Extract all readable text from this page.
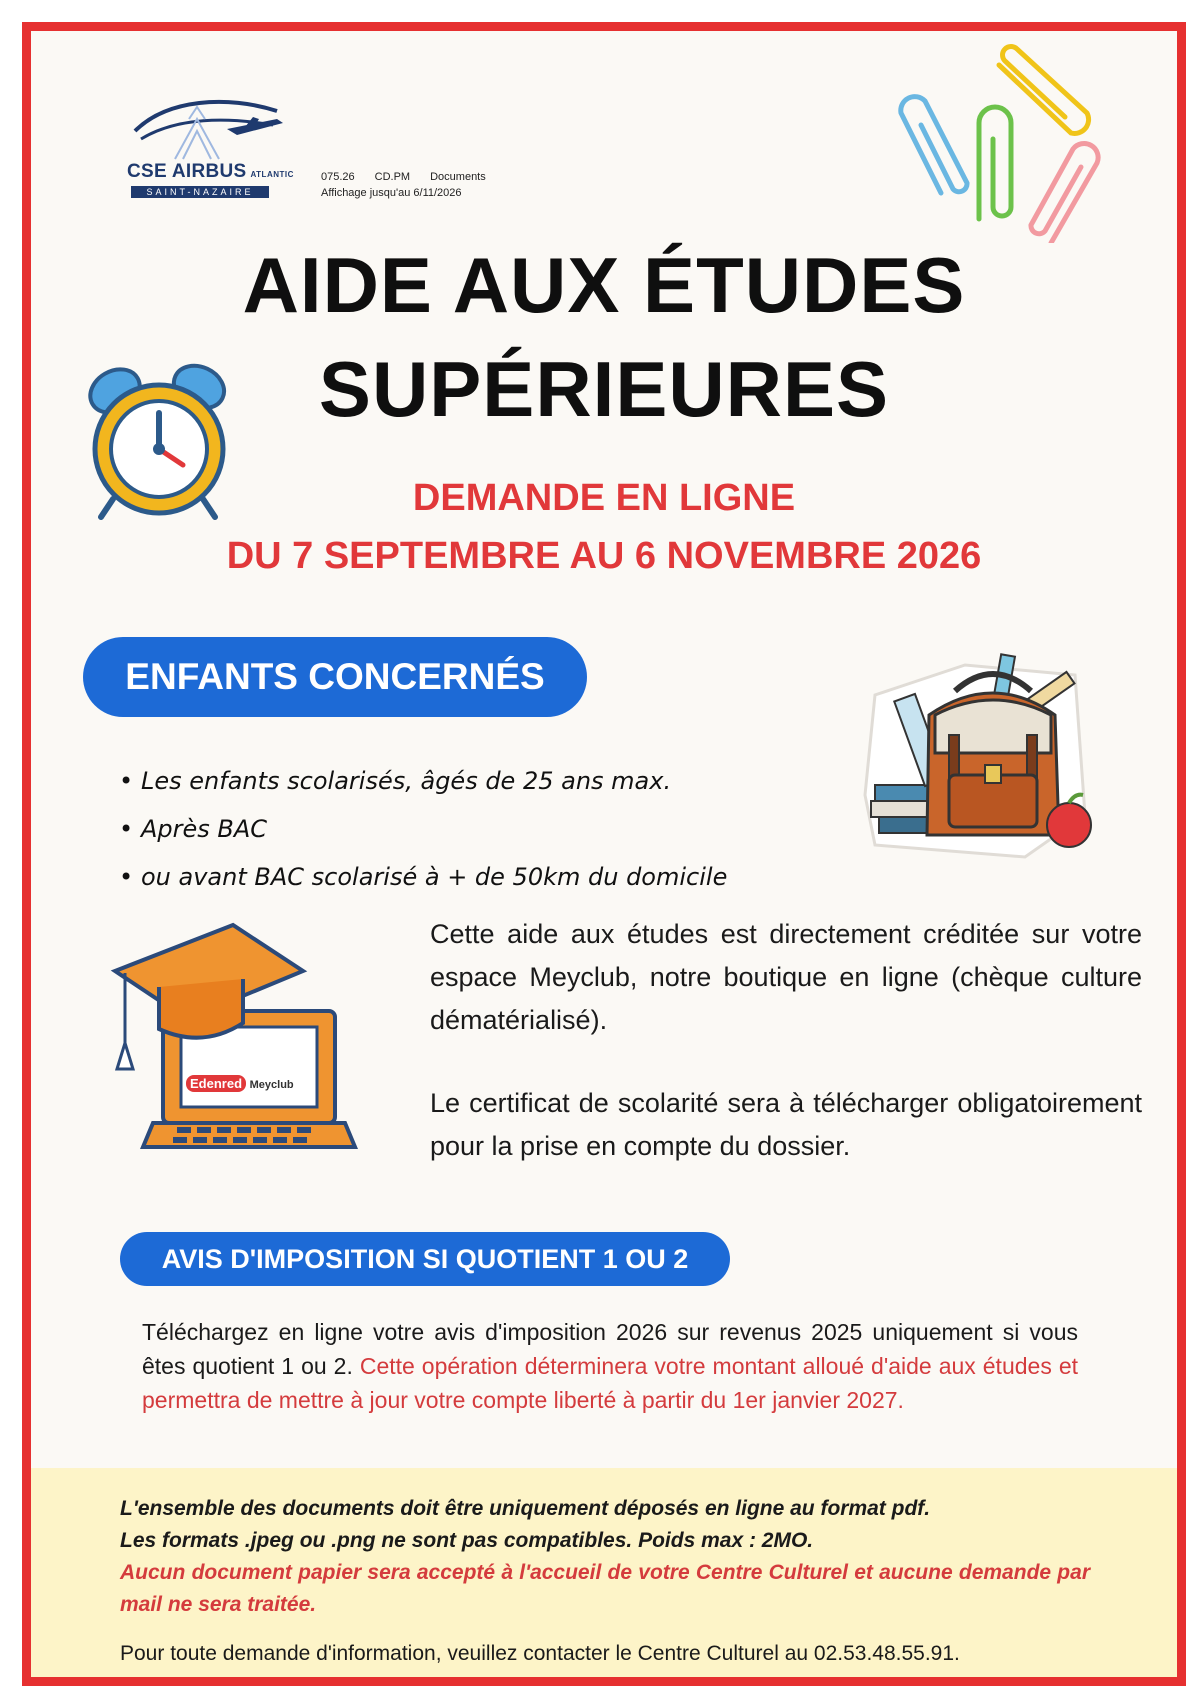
CSE AIRBUS ATLANTIC
SAINT-NAZAIRE
075.26 CD.PM Documents
Affichage jusqu'au 6/11/2026
AIDE AUX ÉTUDES
SUPÉRIEURES
DEMANDE EN LIGNE
DU 7 SEPTEMBRE AU 6 NOVEMBRE 2026
ENFANTS CONCERNÉS
• Les enfants scolarisés, âgés de 25 ans max.
• Après BAC
• ou avant BAC scolarisé à + de 50km du domicile
Edenred Meyclub
Cette aide aux études est directement créditée sur votre espace Meyclub, notre boutique en ligne (chèque culture dématérialisé).
Le certificat de scolarité sera à télécharger obligatoirement pour la prise en compte du dossier.
AVIS D'IMPOSITION SI QUOTIENT 1 OU 2
Téléchargez en ligne votre avis d'imposition 2026 sur revenus 2025 uniquement si vous êtes quotient 1 ou 2. Cette opération déterminera votre montant alloué d'aide aux études et permettra de mettre à jour votre compte liberté à partir du 1er janvier 2027.
L'ensemble des documents doit être uniquement déposés en ligne au format pdf.
Les formats .jpeg ou .png ne sont pas compatibles. Poids max : 2MO.
Aucun document papier sera accepté à l'accueil de votre Centre Culturel et aucune demande par mail ne sera traitée.
Pour toute demande d'information, veuillez contacter le Centre Culturel au 02.53.48.55.91.
